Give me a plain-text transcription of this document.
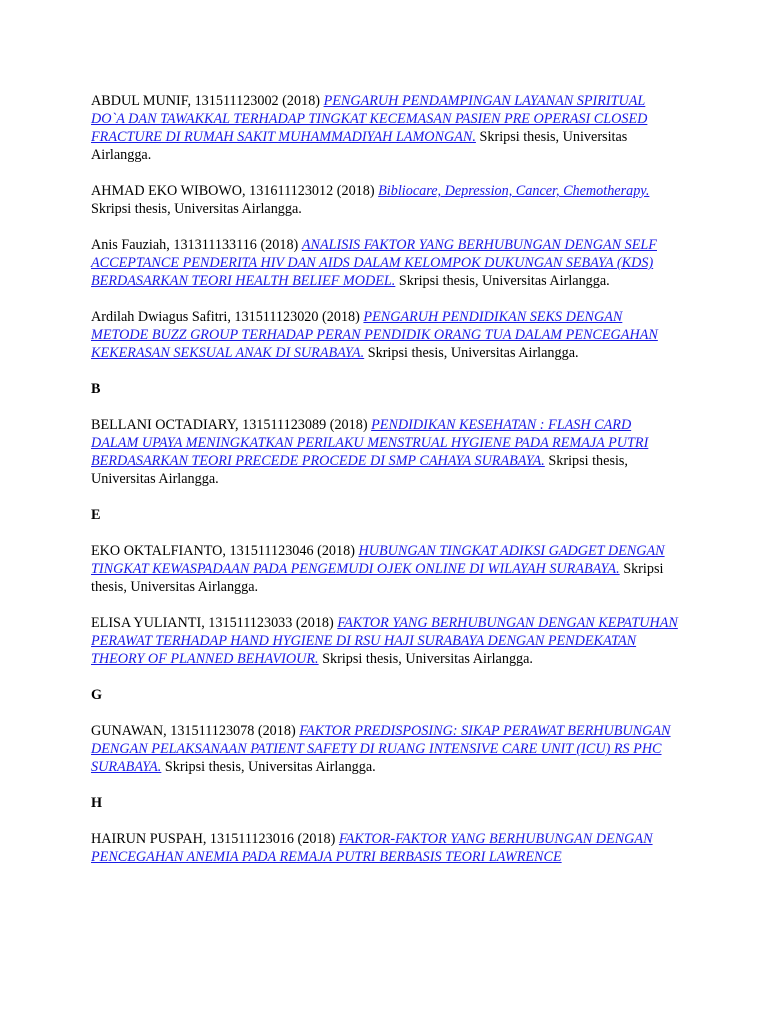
ABDUL MUNIF, 131511123002 (2018) PENGARUH PENDAMPINGAN LAYANAN SPIRITUAL DO`A DAN TAWAKKAL TERHADAP TINGKAT KECEMASAN PASIEN PRE OPERASI CLOSED FRACTURE DI RUMAH SAKIT MUHAMMADIYAH LAMONGAN. Skripsi thesis, Universitas Airlangga.
AHMAD EKO WIBOWO, 131611123012 (2018) Bibliocare, Depression, Cancer, Chemotherapy. Skripsi thesis, Universitas Airlangga.
Anis Fauziah, 131311133116 (2018) ANALISIS FAKTOR YANG BERHUBUNGAN DENGAN SELF ACCEPTANCE PENDERITA HIV DAN AIDS DALAM KELOMPOK DUKUNGAN SEBAYA (KDS) BERDASARKAN TEORI HEALTH BELIEF MODEL. Skripsi thesis, Universitas Airlangga.
Ardilah Dwiagus Safitri, 131511123020 (2018) PENGARUH PENDIDIKAN SEKS DENGAN METODE BUZZ GROUP TERHADAP PERAN PENDIDIK ORANG TUA DALAM PENCEGAHAN KEKERASAN SEKSUAL ANAK DI SURABAYA. Skripsi thesis, Universitas Airlangga.
B
BELLANI OCTADIARY, 131511123089 (2018) PENDIDIKAN KESEHATAN : FLASH CARD DALAM UPAYA MENINGKATKAN PERILAKU MENSTRUAL HYGIENE PADA REMAJA PUTRI BERDASARKAN TEORI PRECEDE PROCEDE DI SMP CAHAYA SURABAYA. Skripsi thesis, Universitas Airlangga.
E
EKO OKTALFIANTO, 131511123046 (2018) HUBUNGAN TINGKAT ADIKSI GADGET DENGAN TINGKAT KEWASPADAAN PADA PENGEMUDI OJEK ONLINE DI WILAYAH SURABAYA. Skripsi thesis, Universitas Airlangga.
ELISA YULIANTI, 131511123033 (2018) FAKTOR YANG BERHUBUNGAN DENGAN KEPATUHAN PERAWAT TERHADAP HAND HYGIENE DI RSU HAJI SURABAYA DENGAN PENDEKATAN THEORY OF PLANNED BEHAVIOUR. Skripsi thesis, Universitas Airlangga.
G
GUNAWAN, 131511123078 (2018) FAKTOR PREDISPOSING: SIKAP PERAWAT BERHUBUNGAN DENGAN PELAKSANAAN PATIENT SAFETY DI RUANG INTENSIVE CARE UNIT (ICU) RS PHC SURABAYA. Skripsi thesis, Universitas Airlangga.
H
HAIRUN PUSPAH, 131511123016 (2018) FAKTOR-FAKTOR YANG BERHUBUNGAN DENGAN PENCEGAHAN ANEMIA PADA REMAJA PUTRI BERBASIS TEORI LAWRENCE
